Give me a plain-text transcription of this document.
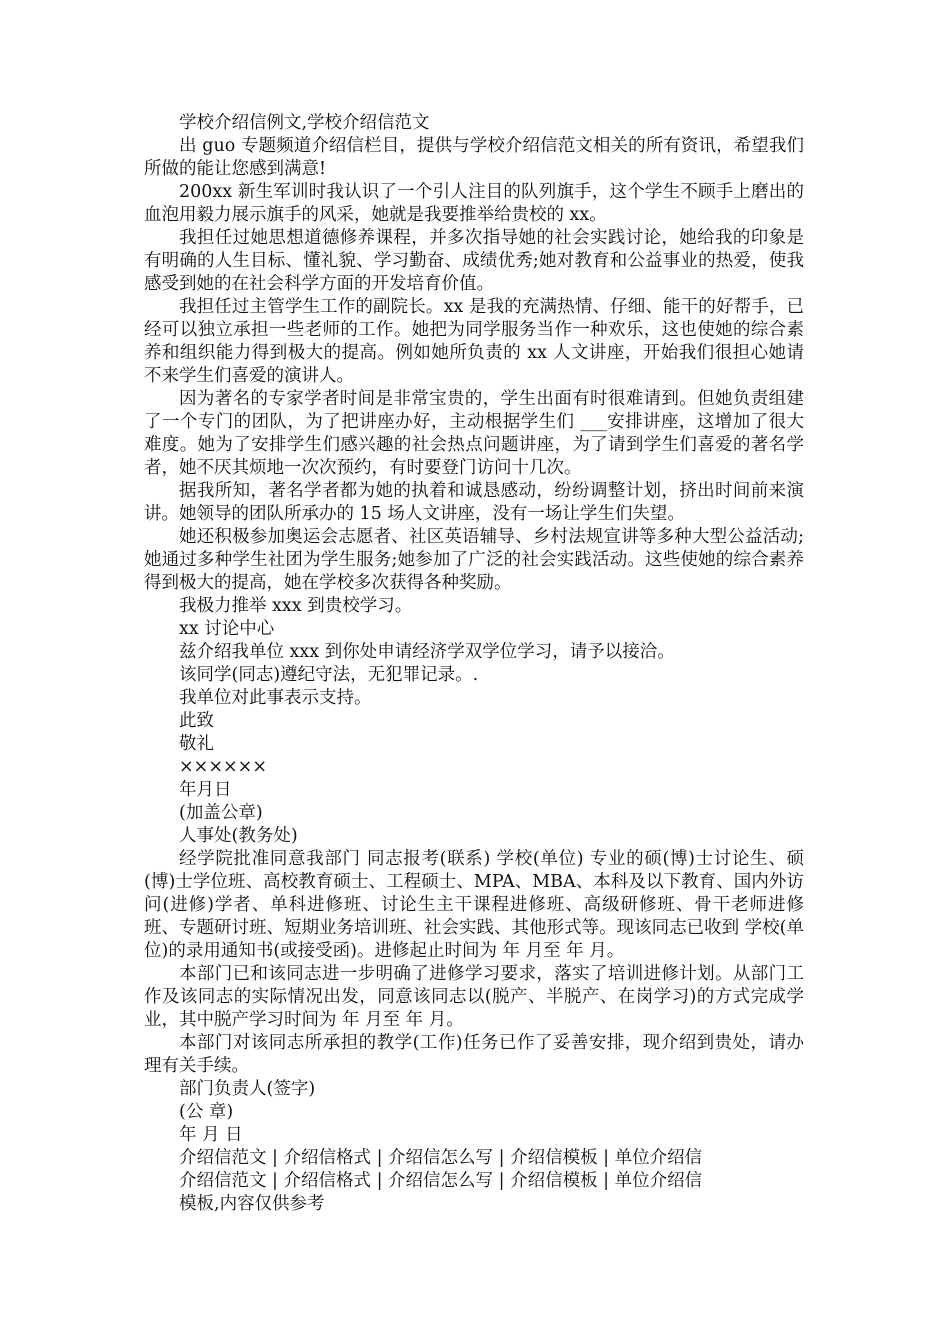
学校介绍信例文,学校介绍信范文

出 guo 专题频道介绍信栏目，提供与学校介绍信范文相关的所有资讯，希望我们所做的能让您感到满意!

200xx 新生军训时我认识了一个引人注目的队列旗手，这个学生不顾手上磨出的血泡用毅力展示旗手的风采，她就是我要推举给贵校的 xx。

我担任过她思想道德修养课程，并多次指导她的社会实践讨论，她给我的印象是有明确的人生目标、懂礼貌、学习勤奋、成绩优秀;她对教育和公益事业的热爱，使我感受到她的在社会科学方面的开发培育价值。

我担任过主管学生工作的副院长。xx 是我的充满热情、仔细、能干的好帮手，已经可以独立承担一些老师的工作。她把为同学服务当作一种欢乐，这也使她的综合素养和组织能力得到极大的提高。例如她所负责的 xx 人文讲座，开始我们很担心她请不来学生们喜爱的演讲人。

因为著名的专家学者时间是非常宝贵的，学生出面有时很难请到。但她负责组建了一个专门的团队，为了把讲座办好，主动根据学生们 ___安排讲座，这增加了很大难度。她为了安排学生们感兴趣的社会热点问题讲座，为了请到学生们喜爱的著名学者，她不厌其烦地一次次预约，有时要登门访问十几次。

据我所知，著名学者都为她的执着和诚恳感动，纷纷调整计划，挤出时间前来演讲。她领导的团队所承办的 15 场人文讲座，没有一场让学生们失望。

她还积极参加奥运会志愿者、社区英语辅导、乡村法规宣讲等多种大型公益活动;她通过多种学生社团为学生服务;她参加了广泛的社会实践活动。这些使她的综合素养得到极大的提高，她在学校多次获得各种奖励。

我极力推举 xxx 到贵校学习。

xx 讨论中心

兹介绍我单位 xxx 到你处申请经济学双学位学习，请予以接洽。

该同学(同志)遵纪守法，无犯罪记录。.

我单位对此事表示支持。

此致

敬礼

××××××

年月日

(加盖公章)

人事处(教务处)

经学院批准同意我部门 同志报考(联系) 学校(单位) 专业的硕(博)士讨论生、硕(博)士学位班、高校教育硕士、工程硕士、MPA、MBA、本科及以下教育、国内外访问(进修)学者、单科进修班、讨论生主干课程进修班、高级研修班、骨干老师进修班、专题研讨班、短期业务培训班、社会实践、其他形式等。现该同志已收到 学校(单位)的录用通知书(或接受函)。进修起止时间为 年 月至 年 月。

本部门已和该同志进一步明确了进修学习要求，落实了培训进修计划。从部门工作及该同志的实际情况出发，同意该同志以(脱产、半脱产、在岗学习)的方式完成学业，其中脱产学习时间为 年 月至 年 月。

本部门对该同志所承担的教学(工作)任务已作了妥善安排，现介绍到贵处，请办理有关手续。

部门负责人(签字)

(公 章)

年 月 日

介绍信范文 | 介绍信格式 | 介绍信怎么写 | 介绍信模板 | 单位介绍信

介绍信范文 | 介绍信格式 | 介绍信怎么写 | 介绍信模板 | 单位介绍信

模板,内容仅供参考
